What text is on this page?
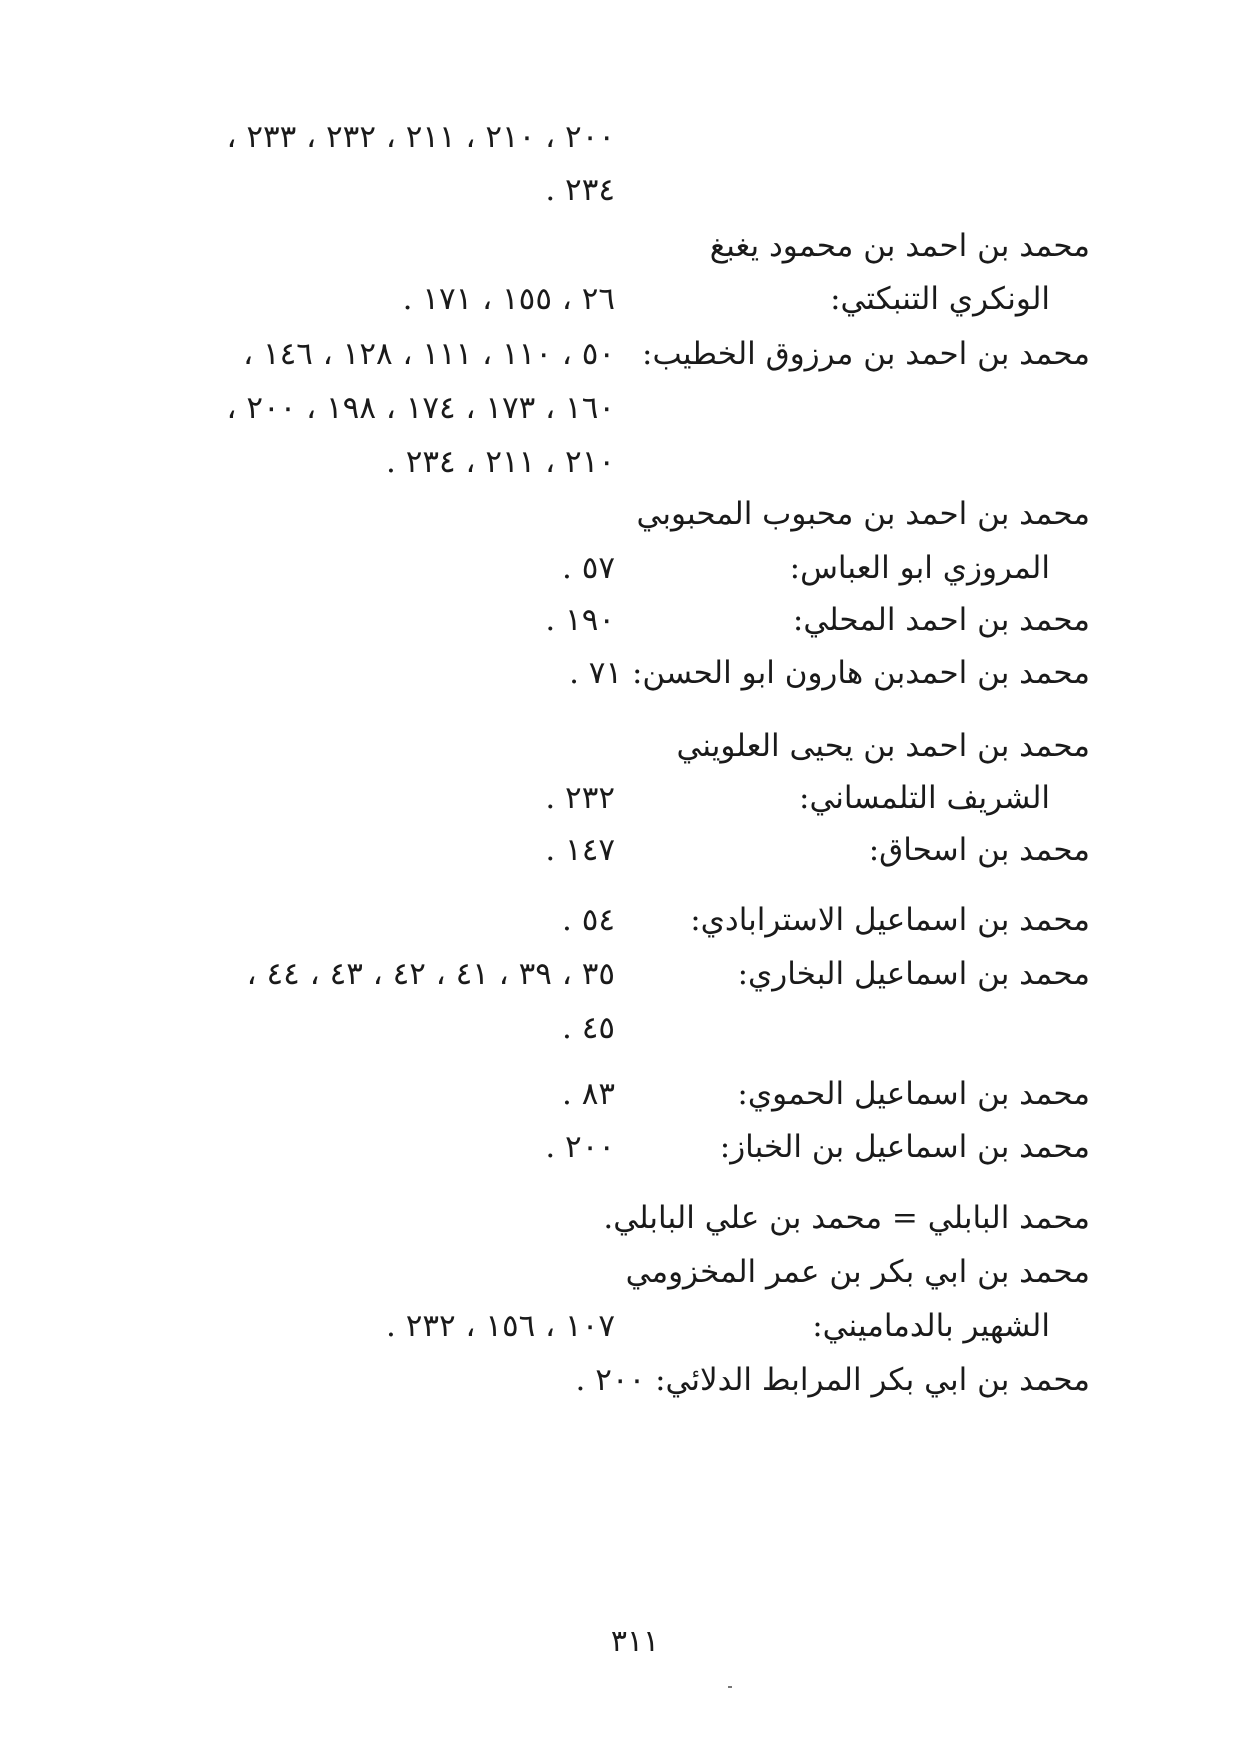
٢٠٠ ، ٢١٠ ، ٢١١ ، ٢٣٢ ، ٢٣٣ ،
٢٣٤ .
محمد بن احمد بن محمود يغبغ
الونكري التنبكتي:
٢٦ ، ١٥٥ ، ١٧١ .
محمد بن احمد بن مرزوق الخطيب:
٥٠ ، ١١٠ ، ١١١ ، ١٢٨ ، ١٤٦ ،
١٦٠ ، ١٧٣ ، ١٧٤ ، ١٩٨ ، ٢٠٠ ،
٢١٠ ، ٢١١ ، ٢٣٤ .
محمد بن احمد بن محبوب المحبوبي
المروزي ابو العباس:
٥٧ .
محمد بن احمد المحلي:
١٩٠ .
محمد بن احمدبن هارون ابو الحسن: ٧١ .
محمد بن احمد بن يحيى العلويني
الشريف التلمساني:
٢٣٢ .
محمد بن اسحاق:
١٤٧ .
محمد بن اسماعيل الاسترابادي:
٥٤ .
محمد بن اسماعيل البخاري:
٣٥ ، ٣٩ ، ٤١ ، ٤٢ ، ٤٣ ، ٤٤ ،
٤٥ .
محمد بن اسماعيل الحموي:
٨٣ .
محمد بن اسماعيل بن الخباز:
٢٠٠ .
محمد البابلي = محمد بن علي البابلي.
محمد بن ابي بكر بن عمر المخزومي
الشهير بالدماميني:
١٠٧ ، ١٥٦ ، ٢٣٢ .
محمد بن ابي بكر المرابط الدلائي: ٢٠٠ .
٣١١
